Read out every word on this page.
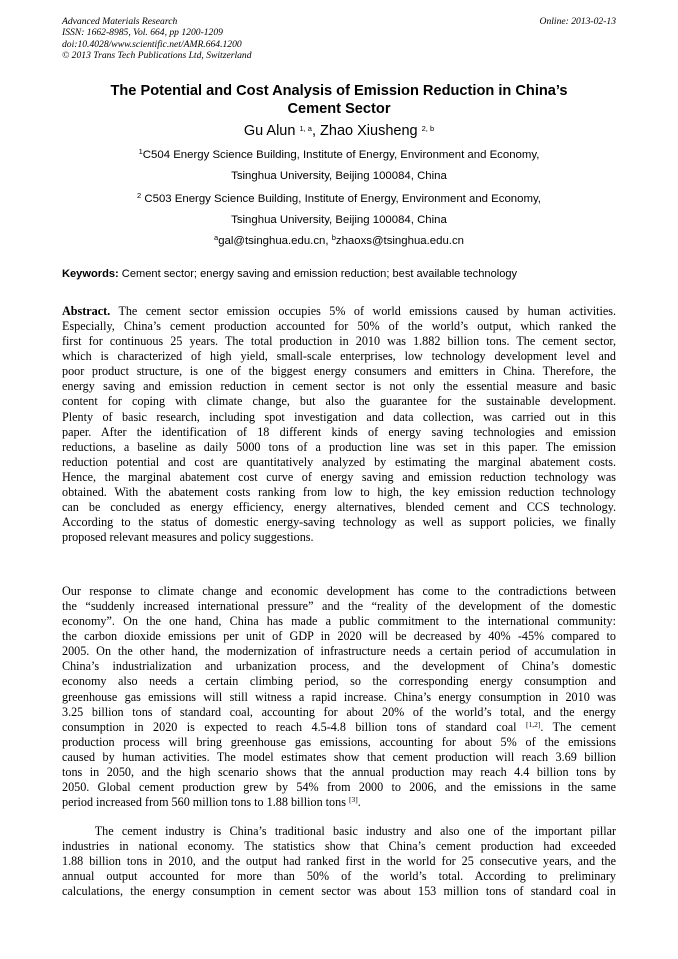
Advanced Materials Research
ISSN: 1662-8985, Vol. 664, pp 1200-1209
doi:10.4028/www.scientific.net/AMR.664.1200
© 2013 Trans Tech Publications Ltd, Switzerland
Online: 2013-02-13
The Potential and Cost Analysis of Emission Reduction in China’s
Cement Sector
Gu Alun $^{1, a}$, Zhao Xiusheng $^{2, b}$
$^1$C504 Energy Science Building, Institute of Energy, Environment and Economy,
Tsinghua University, Beijing 100084, China
$^2$ C503 Energy Science Building, Institute of Energy, Environment and Economy,
Tsinghua University, Beijing 100084, China
$^a$gal@tsinghua.edu.cn, $^b$zhaoxs@tsinghua.edu.cn
Keywords: Cement sector; energy saving and emission reduction; best available technology
Abstract. The cement sector emission occupies 5% of world emissions caused by human activities.
Especially, China’s cement production accounted for 50% of the world’s output, which ranked the
first for continuous 25 years. The total production in 2010 was 1.882 billion tons. The cement sector,
which is characterized of high yield, small-scale enterprises, low technology development level and
poor product structure, is one of the biggest energy consumers and emitters in China. Therefore, the
energy saving and emission reduction in cement sector is not only the essential measure and basic
content for coping with climate change, but also the guarantee for the sustainable development.
Plenty of basic research, including spot investigation and data collection, was carried out in this
paper. After the identification of 18 different kinds of energy saving technologies and emission
reductions, a baseline as daily 5000 tons of a production line was set in this paper. The emission
reduction potential and cost are quantitatively analyzed by estimating the marginal abatement costs.
Hence, the marginal abatement cost curve of energy saving and emission reduction technology was
obtained. With the abatement costs ranking from low to high, the key emission reduction technology
can be concluded as energy efficiency, energy alternatives, blended cement and CCS technology.
According to the status of domestic energy-saving technology as well as support policies, we finally
proposed relevant measures and policy suggestions.
Our response to climate change and economic development has come to the contradictions between
the “suddenly increased international pressure” and the “reality of the development of the domestic
economy”. On the one hand, China has made a public commitment to the international community:
the carbon dioxide emissions per unit of GDP in 2020 will be decreased by 40% -45% compared to
2005. On the other hand, the modernization of infrastructure needs a certain period of accumulation in
China’s industrialization and urbanization process, and the development of China’s domestic
economy also needs a certain climbing period, so the corresponding energy consumption and
greenhouse gas emissions will still witness a rapid increase. China’s energy consumption in 2010 was
3.25 billion tons of standard coal, accounting for about 20% of the world’s total, and the energy
consumption in 2020 is expected to reach 4.5-4.8 billion tons of standard coal [1,2]. The cement
production process will bring greenhouse gas emissions, accounting for about 5% of the emissions
caused by human activities. The model estimates show that cement production will reach 3.69 billion
tons in 2050, and the high scenario shows that the annual production may reach 4.4 billion tons by
2050. Global cement production grew by 54% from 2000 to 2006, and the emissions in the same
period increased from 560 million tons to 1.88 billion tons [3].
The cement industry is China’s traditional basic industry and also one of the important pillar
industries in national economy. The statistics show that China’s cement production had exceeded
1.88 billion tons in 2010, and the output had ranked first in the world for 25 consecutive years, and the
annual output accounted for more than 50% of the world’s total. According to preliminary
calculations, the energy consumption in cement sector was about 153 million tons of standard coal in
